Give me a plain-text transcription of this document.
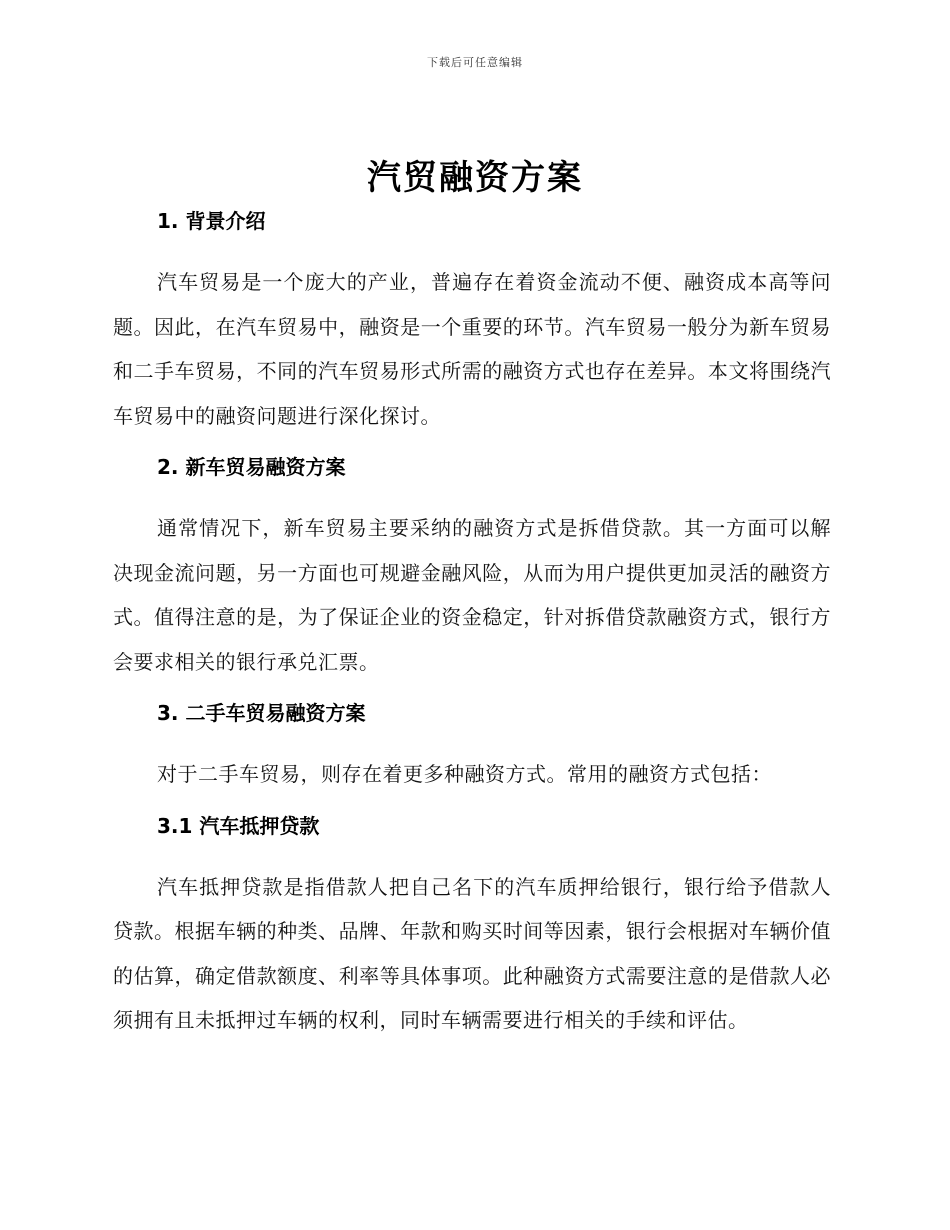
下载后可任意编辑
汽贸融资方案

1. 背景介绍

汽车贸易是一个庞大的产业，普遍存在着资金流动不便、融资成本高等问题。因此，在汽车贸易中，融资是一个重要的环节。汽车贸易一般分为新车贸易和二手车贸易，不同的汽车贸易形式所需的融资方式也存在差异。本文将围绕汽车贸易中的融资问题进行深化探讨。

2. 新车贸易融资方案

通常情况下，新车贸易主要采纳的融资方式是拆借贷款。其一方面可以解决现金流问题，另一方面也可规避金融风险，从而为用户提供更加灵活的融资方式。值得注意的是，为了保证企业的资金稳定，针对拆借贷款融资方式，银行方会要求相关的银行承兑汇票。

3. 二手车贸易融资方案

对于二手车贸易，则存在着更多种融资方式。常用的融资方式包括：

3.1 汽车抵押贷款

汽车抵押贷款是指借款人把自己名下的汽车质押给银行，银行给予借款人贷款。根据车辆的种类、品牌、年款和购买时间等因素，银行会根据对车辆价值的估算，确定借款额度、利率等具体事项。此种融资方式需要注意的是借款人必须拥有且未抵押过车辆的权利，同时车辆需要进行相关的手续和评估。
